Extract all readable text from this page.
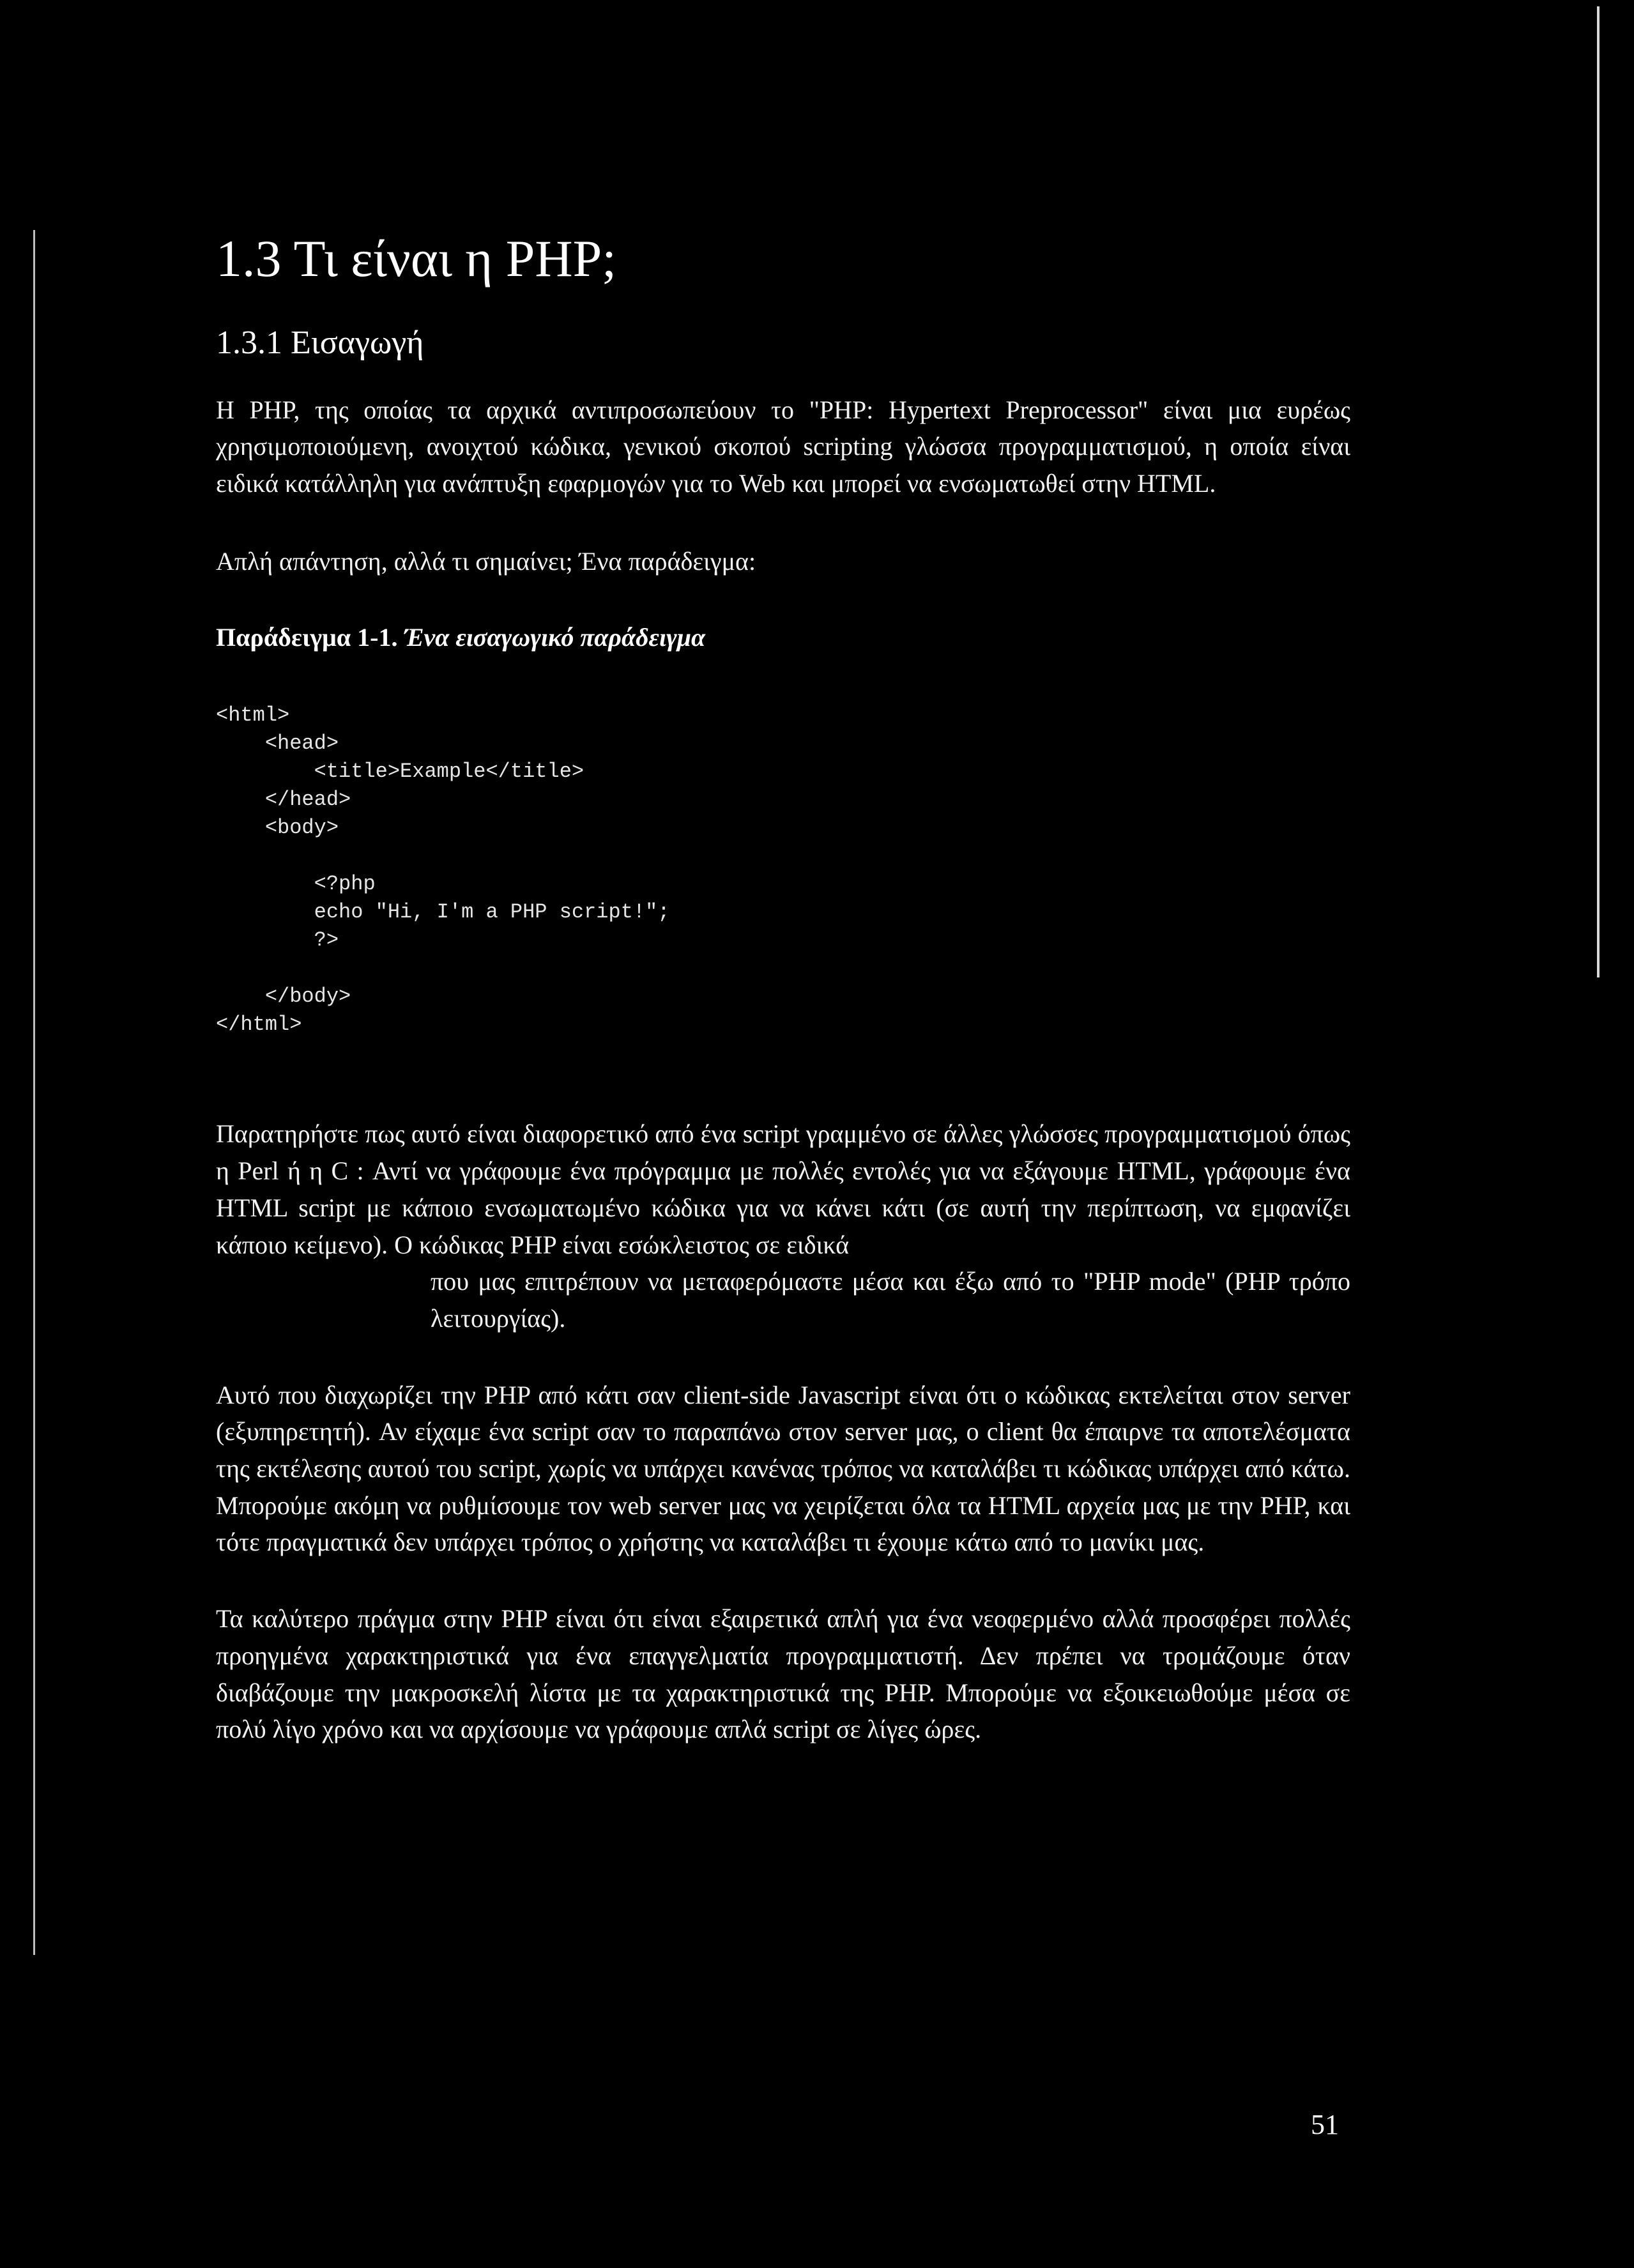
1.3 Τι είναι η PHP;
1.3.1 Εισαγωγή

Η PHP, της οποίας τα αρχικά αντιπροσωπεύουν το "PHP: Hypertext Preprocessor" είναι μια ευρέως χρησιμοποιούμενη, ανοιχτού κώδικα, γενικού σκοπού scripting γλώσσα προγραμματισμού, η οποία είναι ειδικά κατάλληλη για ανάπτυξη εφαρμογών για το Web και μπορεί να ενσωματωθεί στην HTML.

Απλή απάντηση, αλλά τι σημαίνει; Ένα παράδειγμα:

Παράδειγμα 1-1. Ένα εισαγωγικό παράδειγμα

<html>
<head>
<title>Example</title>
</head>
<body>

<?php
echo "Hi, I'm a PHP script!";
?>

</body>
</html>

Παρατηρήστε πως αυτό είναι διαφορετικό από ένα script γραμμένο σε άλλες γλώσσες προγραμματισμού όπως η Perl ή η C : Αντί να γράφουμε ένα πρόγραμμα με πολλές εντολές για να εξάγουμε HTML, γράφουμε ένα HTML script με κάποιο ενσωματωμένο κώδικα για να κάνει κάτι (σε αυτή την περίπτωση, να εμφανίζει κάποιο κείμενο). Ο κώδικας PHP είναι εσώκλειστος σε ειδικά

που μας επιτρέπουν να μεταφερόμαστε μέσα και έξω από το "PHP mode" (PHP τρόπο λειτουργίας).

Αυτό που διαχωρίζει την PHP από κάτι σαν client-side Javascript είναι ότι ο κώδικας εκτελείται στον server (εξυπηρετητή). Αν είχαμε ένα script σαν το παραπάνω στον server μας, ο client θα έπαιρνε τα αποτελέσματα της εκτέλεσης αυτού του script, χωρίς να υπάρχει κανένας τρόπος να καταλάβει τι κώδικας υπάρχει από κάτω. Μπορούμε ακόμη να ρυθμίσουμε τον web server μας να χειρίζεται όλα τα HTML αρχεία μας με την PHP, και τότε πραγματικά δεν υπάρχει τρόπος ο χρήστης να καταλάβει τι έχουμε κάτω από το μανίκι μας.

Τα καλύτερο πράγμα στην PHP είναι ότι είναι εξαιρετικά απλή για ένα νεοφερμένο αλλά προσφέρει πολλές προηγμένα χαρακτηριστικά για ένα επαγγελματία προγραμματιστή. Δεν πρέπει να τρομάζουμε όταν διαβάζουμε την μακροσκελή λίστα με τα χαρακτηριστικά της PHP. Μπορούμε να εξοικειωθούμε μέσα σε πολύ λίγο χρόνο και να αρχίσουμε να γράφουμε απλά script σε λίγες ώρες.

51
